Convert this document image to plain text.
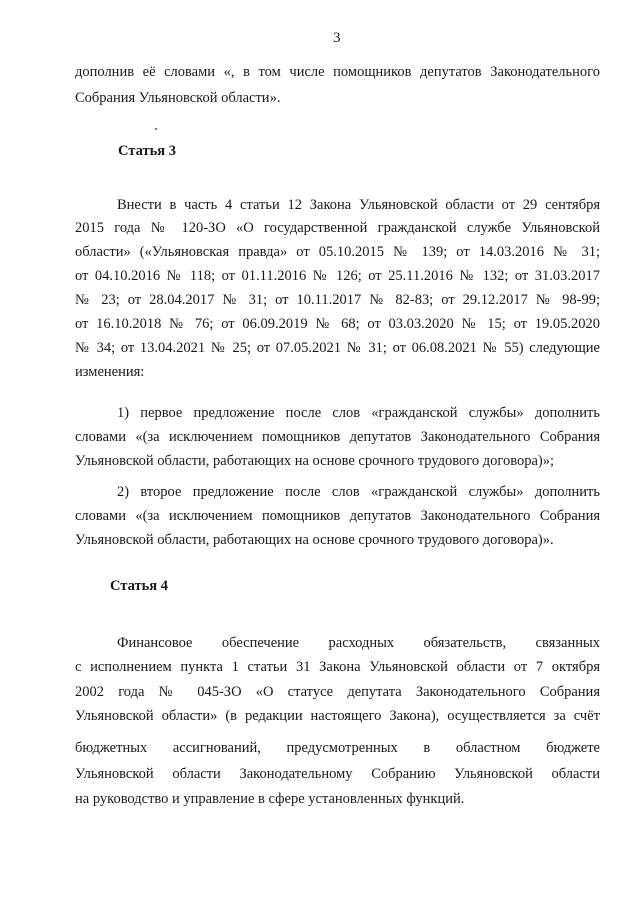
3
дополнив её словами «, в том числе помощников депутатов Законодательного
Собрания Ульяновской области».
Статья 3
Внести в часть 4 статьи 12 Закона Ульяновской области от 29 сентября
2015 года № 120-ЗО «О государственной гражданской службе Ульяновской
области» («Ульяновская правда» от 05.10.2015 № 139; от 14.03.2016 № 31;
от 04.10.2016 № 118; от 01.11.2016 № 126; от 25.11.2016 № 132; от 31.03.2017
№ 23; от 28.04.2017 № 31; от 10.11.2017 № 82-83; от 29.12.2017 № 98-99;
от 16.10.2018 № 76; от 06.09.2019 № 68; от 03.03.2020 № 15; от 19.05.2020
№ 34; от 13.04.2021 № 25; от 07.05.2021 № 31; от 06.08.2021 № 55) следующие
изменения:
1) первое предложение после слов «гражданской службы» дополнить
словами «(за исключением помощников депутатов Законодательного Собрания
Ульяновской области, работающих на основе срочного трудового договора)»;
2) второе предложение после слов «гражданской службы» дополнить
словами «(за исключением помощников депутатов Законодательного Собрания
Ульяновской области, работающих на основе срочного трудового договора)».
Статья 4
Финансовое обеспечение расходных обязательств, связанных
с исполнением пункта 1 статьи 31 Закона Ульяновской области от 7 октября
2002 года № 045-ЗО «О статусе депутата Законодательного Собрания
Ульяновской области» (в редакции настоящего Закона), осуществляется за счёт
бюджетных ассигнований, предусмотренных в областном бюджете
Ульяновской области Законодательному Собранию Ульяновской области
на руководство и управление в сфере установленных функций.
